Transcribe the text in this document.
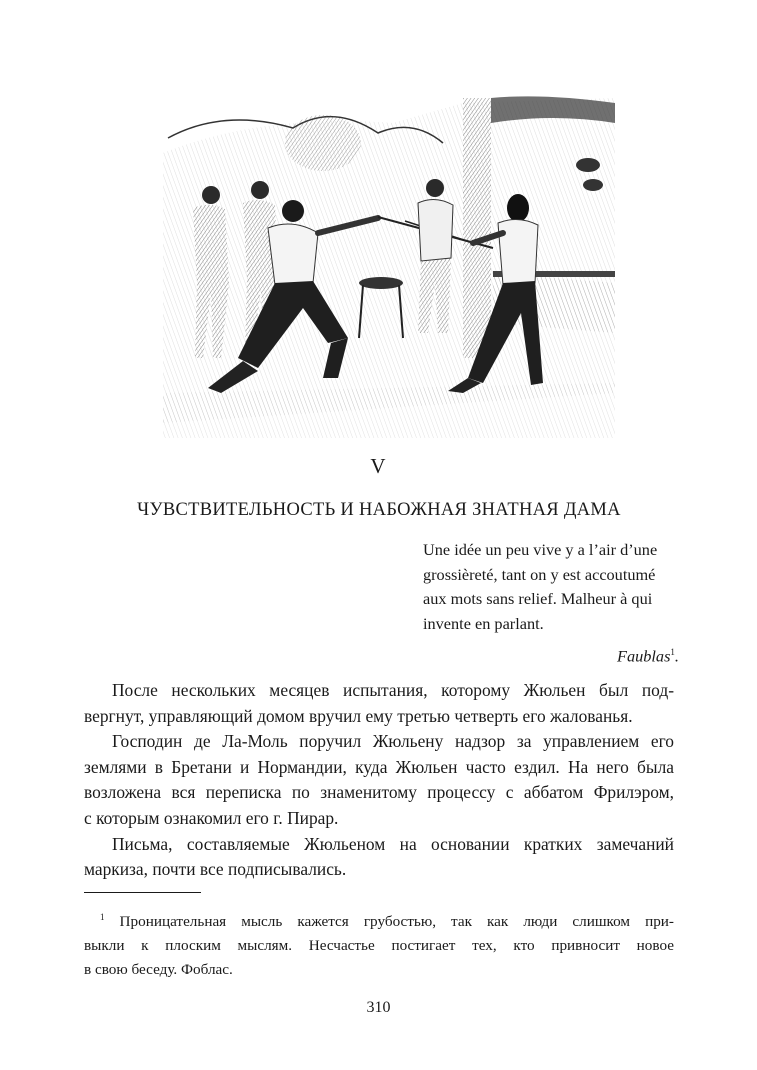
V
ЧУВСТВИТЕЛЬНОСТЬ И НАБОЖНАЯ ЗНАТНАЯ ДАМА
Une idée un peu vive y a l’air d’une
grossièreté, tant on y est accoutumé
aux mots sans relief. Malheur à qui
invente en parlant.
Faublas$^1$.
После нескольких месяцев испытания, которому Жюльен был под-
вергнут, управляющий домом вручил ему третью четверть его жалованья.
Господин де Ла-Моль поручил Жюльену надзор за управлением его
землями в Бретани и Нормандии, куда Жюльен часто ездил. На него была
возложена вся переписка по знаменитому процессу с аббатом Фрилэром,
с которым ознакомил его г. Пирар.
Письма, составляемые Жюльеном на основании кратких замечаний
маркиза, почти все подписывались.
$^1$ Проницательная мысль кажется грубостью, так как люди слишком при-
выкли к плоским мыслям. Несчастье постигает тех, кто привносит новое
в свою беседу. Фоблас.
310
